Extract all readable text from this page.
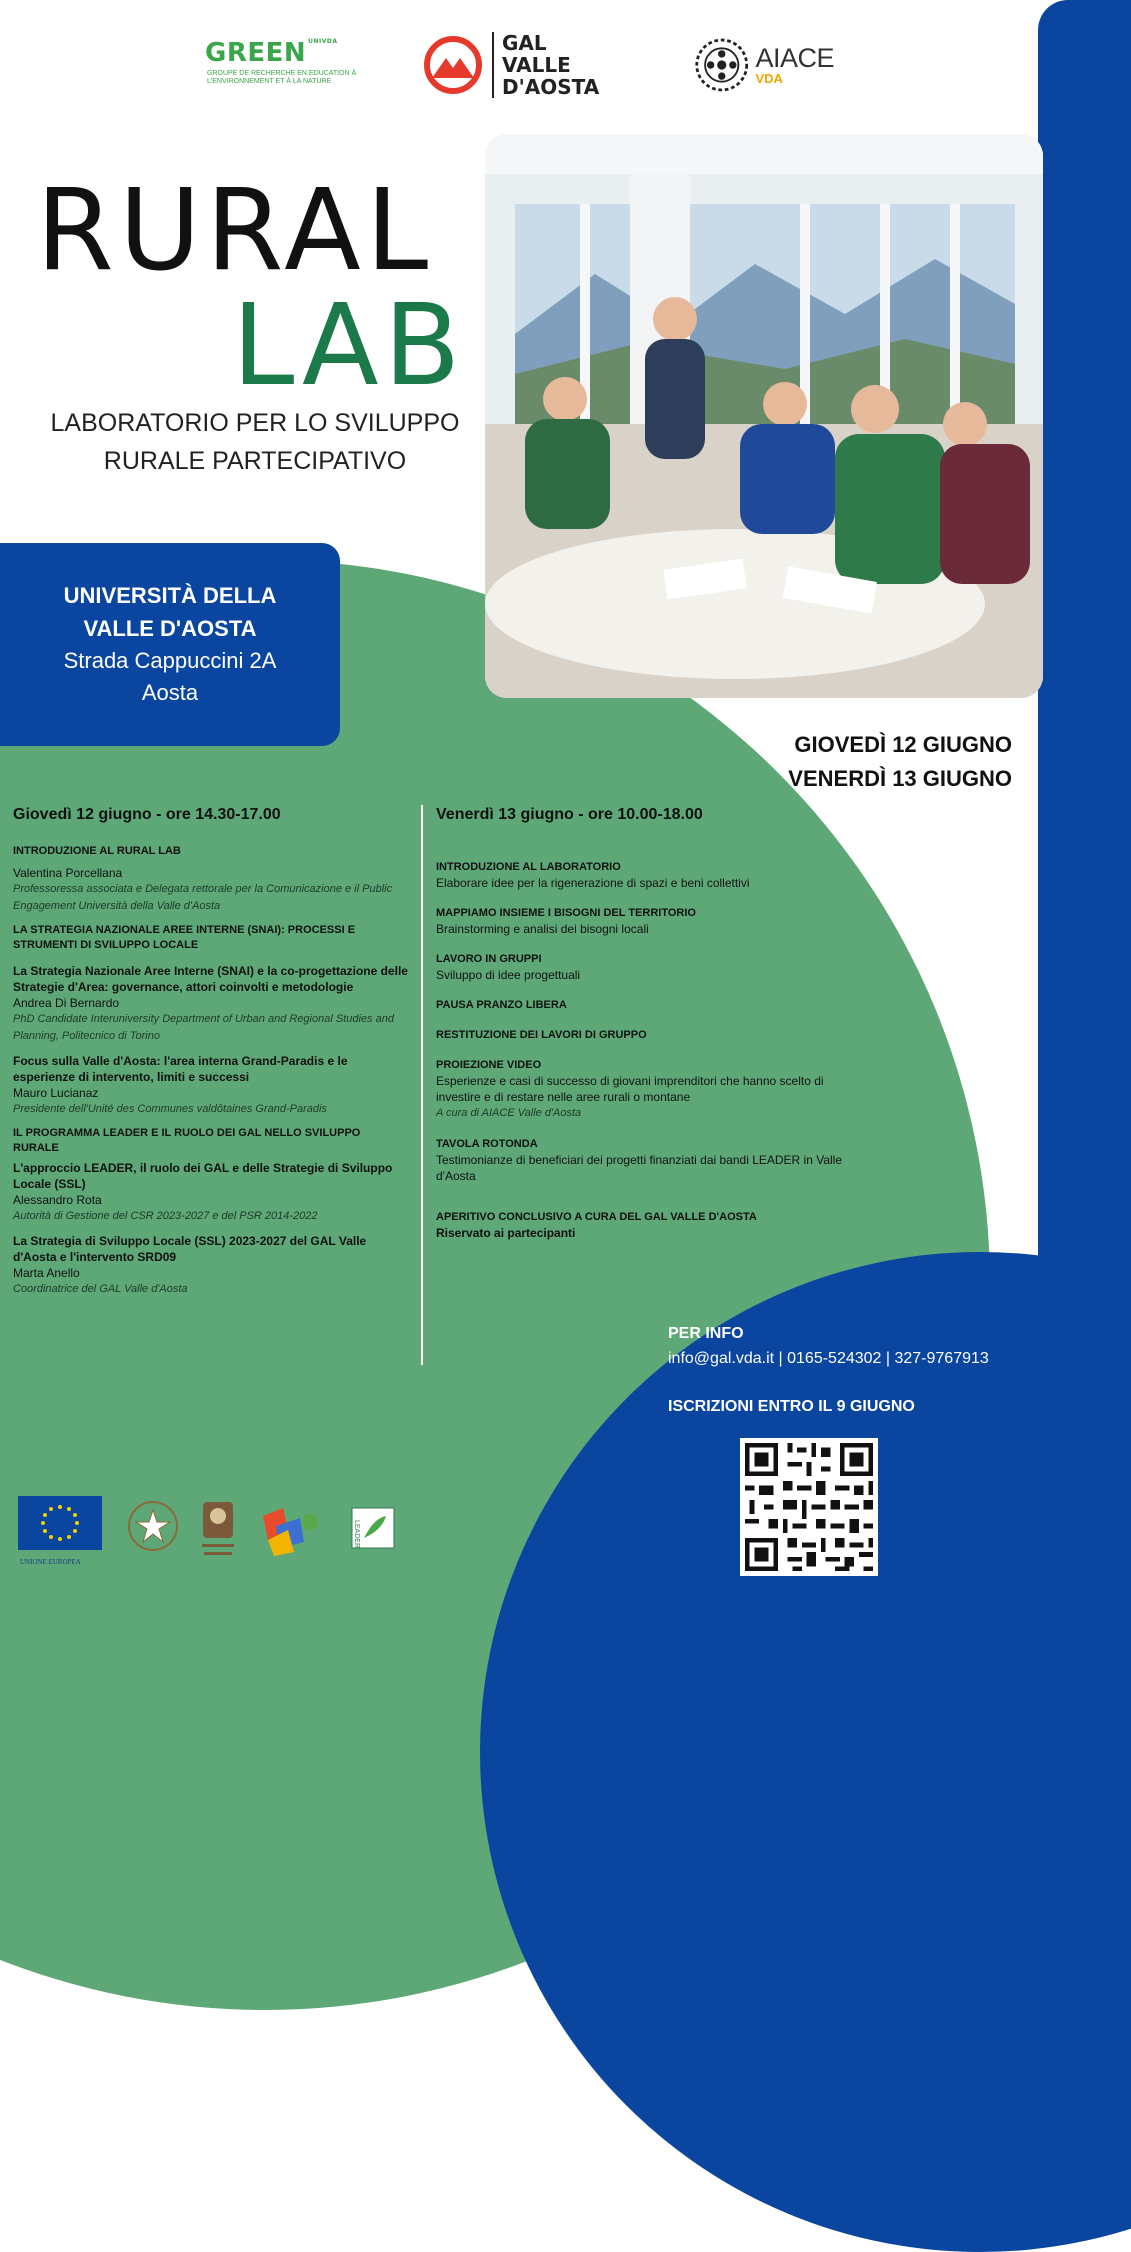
GREEN $^{UNIVDA}$
GROUPE DE RECHERCHE EN EDUCATION À L'ENVIRONNEMENT ET À LA NATURE
GAL
VALLE
D'AOSTA
AIACE
VDA
RURAL
LAB
LABORATORIO PER LO SVILUPPO
RURALE PARTECIPATIVO
UNIVERSITÀ DELLA
VALLE D'AOSTA
Strada Cappuccini 2A
Aosta
GIOVEDÌ 12 GIUGNO
VENERDÌ 13 GIUGNO
Giovedì 12 giugno - ore 14.30-17.00
INTRODUZIONE AL RURAL LAB
Valentina Porcellana
Professoressa associata e Delegata rettorale per la Comunicazione e il Public Engagement Università della Valle d'Aosta
LA STRATEGIA NAZIONALE AREE INTERNE (SNAI): PROCESSI E STRUMENTI DI SVILUPPO LOCALE
La Strategia Nazionale Aree Interne (SNAI) e la co-progettazione delle Strategie d'Area: governance, attori coinvolti e metodologie
Andrea Di Bernardo
PhD Candidate Interuniversity Department of Urban and Regional Studies and Planning, Politecnico di Torino
Focus sulla Valle d'Aosta: l'area interna Grand-Paradis e le esperienze di intervento, limiti e successi
Mauro Lucianaz
Presidente dell'Unité des Communes valdôtaines Grand-Paradis
IL PROGRAMMA LEADER E IL RUOLO DEI GAL NELLO SVILUPPO RURALE
L'approccio LEADER, il ruolo dei GAL e delle Strategie di Sviluppo Locale (SSL)
Alessandro Rota
Autorità di Gestione del CSR 2023-2027 e del PSR 2014-2022
La Strategia di Sviluppo Locale (SSL) 2023-2027 del GAL Valle d'Aosta e l'intervento SRD09
Marta Anello
Coordinatrice del GAL Valle d'Aosta
Venerdì 13 giugno - ore 10.00-18.00
INTRODUZIONE AL LABORATORIO
Elaborare idee per la rigenerazione di spazi e beni collettivi
MAPPIAMO INSIEME I BISOGNI DEL TERRITORIO
Brainstorming e analisi dei bisogni locali
LAVORO IN GRUPPI
Sviluppo di idee progettuali
PAUSA PRANZO LIBERA
RESTITUZIONE DEI LAVORI DI GRUPPO
PROIEZIONE VIDEO
Esperienze e casi di successo di giovani imprenditori che hanno scelto di investire e di restare nelle aree rurali o montane
A cura di AIACE Valle d'Aosta
TAVOLA ROTONDA
Testimonianze di beneficiari dei progetti finanziati dai bandi LEADER in Valle d'Aosta
APERITIVO CONCLUSIVO A CURA DEL GAL VALLE D'AOSTA
Riservato ai partecipanti
PER INFO
info@gal.vda.it | 0165-524302 | 327-9767913
ISCRIZIONI ENTRO IL 9 GIUGNO
UNIONE EUROPEA
LEADER
